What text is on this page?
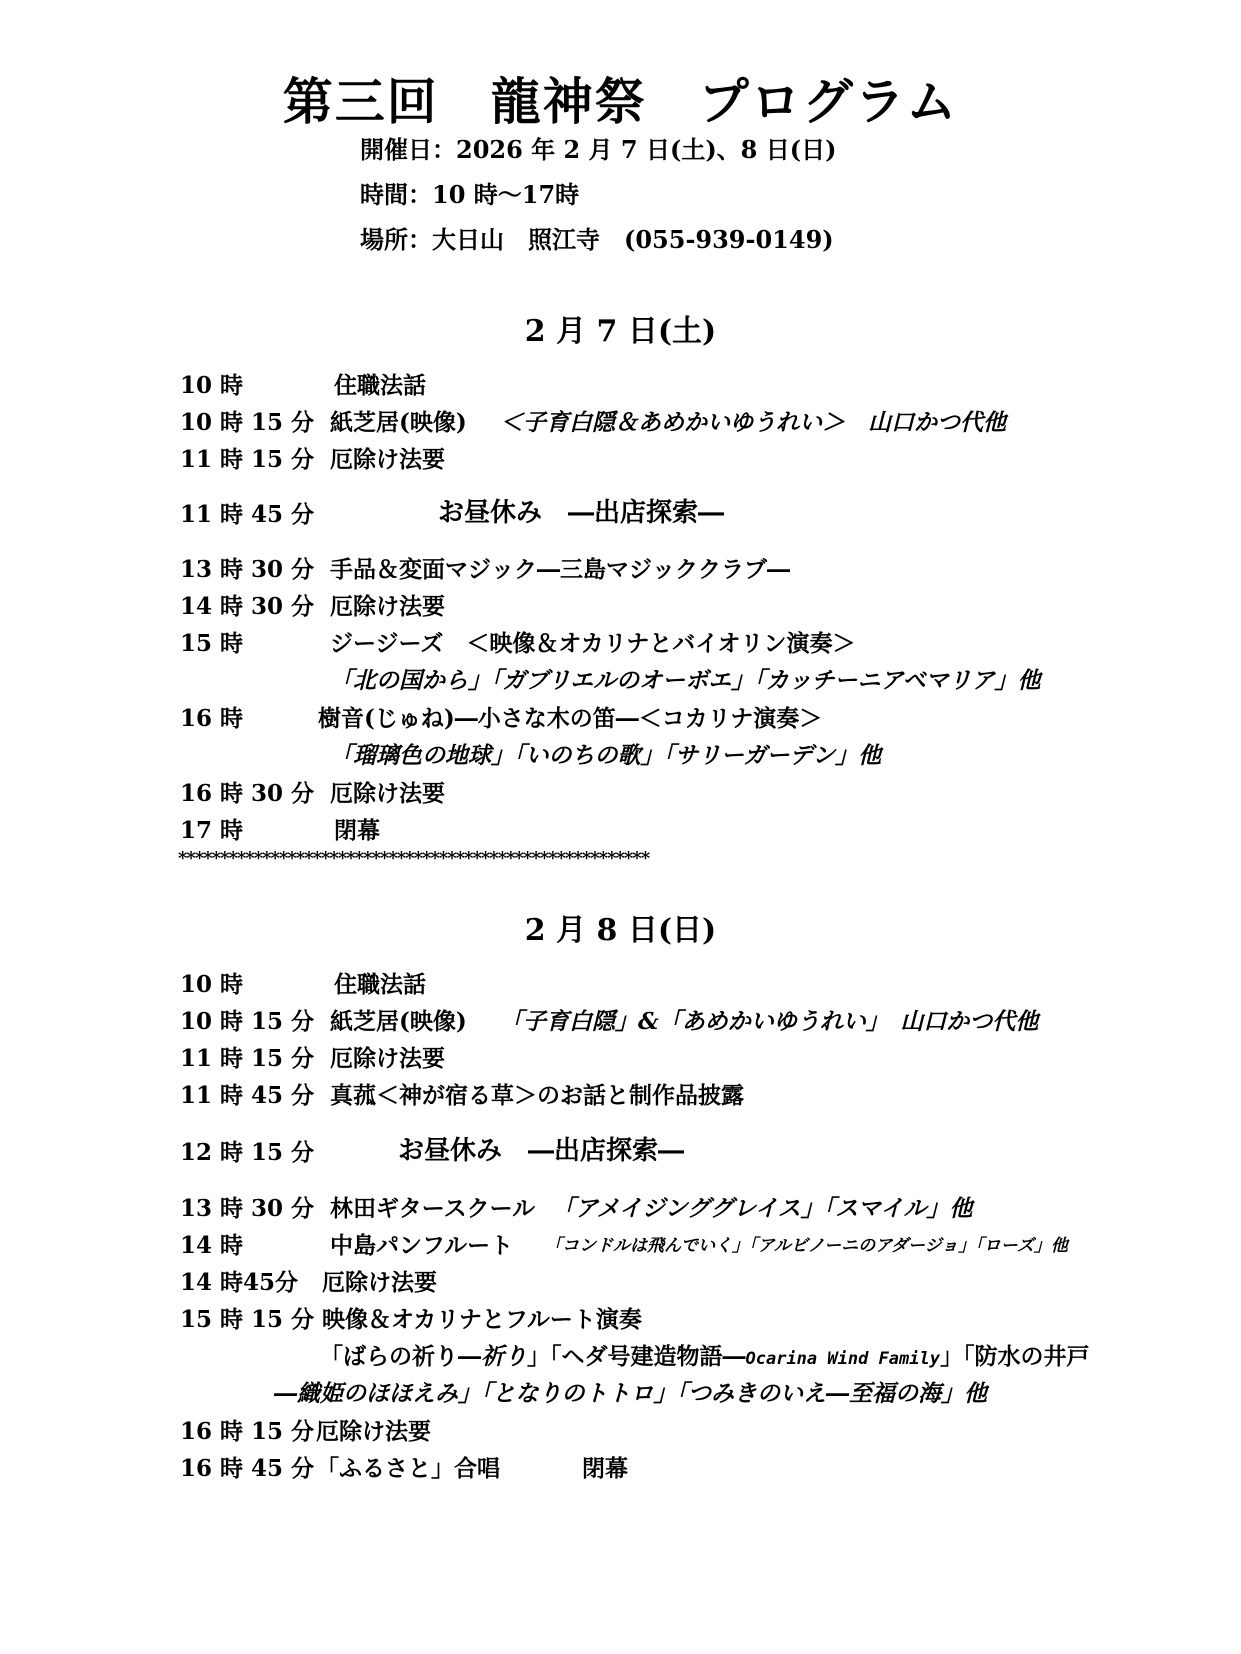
第三回　龍神祭　プログラム
開催日：2026 年 2 月 7 日(土)、8 日(日)
時間：10 時～17時
場所：大日山　照江寺　(055-939-0149)
2 月 7 日(土)
10 時	住職法話
10 時 15 分 紙芝居(映像) ＜子育白隠＆あめかいゆうれい＞　山口かつ代他
11 時 15 分 厄除け法要
11 時 45 分	お昼休み　―出店探索―
13 時 30 分 手品＆変面マジック―三島マジッククラブ―
14 時 30 分 厄除け法要
15 時	ジージーズ　＜映像＆オカリナとバイオリン演奏＞
「北の国から」「ガブリエルのオーボエ」「カッチーニアベマリア」他
16 時	樹音(じゅね)―小さな木の笛―＜コカリナ演奏＞
「瑠璃色の地球」「いのちの歌」「サリーガーデン」他
16 時 30 分 厄除け法要
17 時	閉幕
********************************************************
2 月 8 日(日)
10 時	住職法話
10 時 15 分 紙芝居(映像) 「子育白隠」&「あめかいゆうれい」　山口かつ代他
11 時 15 分 厄除け法要
11 時 45 分 真菰＜神が宿る草＞のお話と制作品披露
12 時 15 分	お昼休み　―出店探索―
13 時 30 分 林田ギタースクール 「アメイジンググレイス」「スマイル」他
14 時	中島パンフルート 「コンドルは飛んでいく」「アルビノーニのアダージョ」「ローズ」他
14 時45分 厄除け法要
15 時 15 分 映像＆オカリナとフルート演奏
「ばらの祈り―祈り」「ヘダ号建造物語―Ocarina Wind Family」「防水の井戸
―織姫のほほえみ」「となりのトトロ」「つみきのいえ―至福の海」他
16 時 15 分 厄除け法要
16 時 45 分 「ふるさと」合唱	閉幕
